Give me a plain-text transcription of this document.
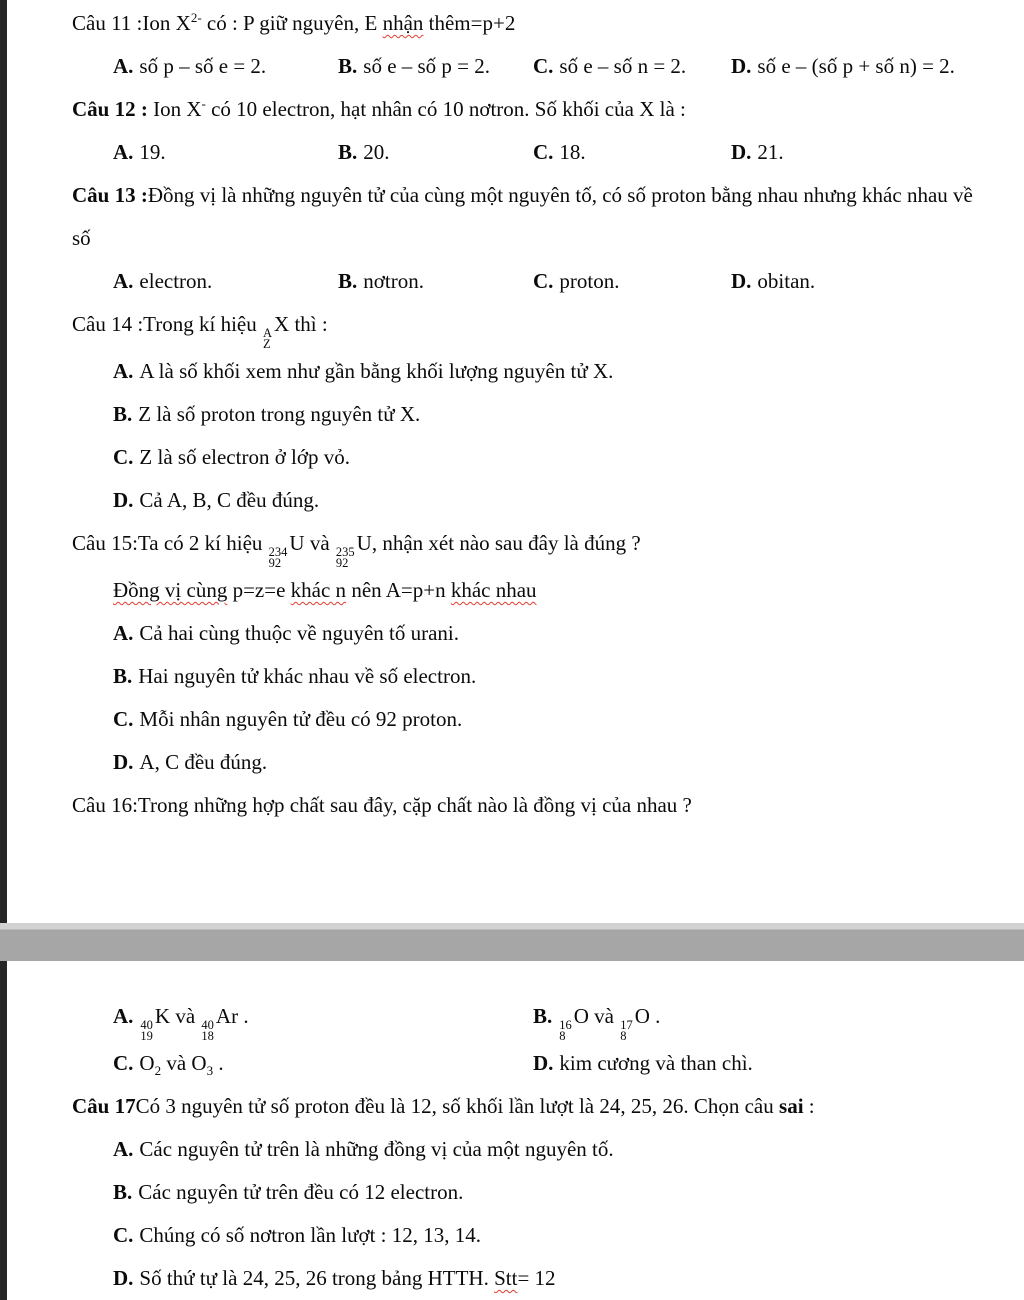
Câu 11 :Ion $X^{2-}$ có : P giữ nguyên, E nhận thêm=p+2

A. số p – số e = 2.	B. số e – số p = 2. C. số e – số n = 2. D. số e – (số p + số n) = 2.

Câu 12 : Ion X- có 10 electron, hạt nhân có 10 nơtron. Số khối của X là :

A. 19.	B. 20.	C. 18.	D. 21.

Câu 13 :Đồng vị là những nguyên tử của cùng một nguyên tố, có số proton bằng nhau nhưng khác nhau về số

A. electron.	B. nơtron.	C. proton.	D. obitan.

Câu 14 :Trong kí hiệu A
Z
X thì :

A. A là số khối xem như gần bằng khối lượng nguyên tử X.

B. Z là số proton trong nguyên tử X.

C. Z là số electron ở lớp vỏ.

D. Cả A, B, C đều đúng.

Câu 15:Ta có 2 kí hiệu 234
92
U và 235
92
U, nhận xét nào sau đây là đúng ?

Đồng vị cùng p=z=e khác n nên A=p+n khác nhau

A. Cả hai cùng thuộc về nguyên tố urani.

B. Hai nguyên tử khác nhau về số electron.

C. Mỗi nhân nguyên tử đều có 92 proton.

D. A, C đều đúng.

Câu 16:Trong những hợp chất sau đây, cặp chất nào là đồng vị của nhau ?

A. 40
19
K và 40
18
Ar .	B. 16
8
O và 17
8
O .

C. $O_2$ và $O_3$ .	D. kim cương và than chì.

Câu 17Có 3 nguyên tử số proton đều là 12, số khối lần lượt là 24, 25, 26. Chọn câu sai :

A. Các nguyên tử trên là những đồng vị của một nguyên tố.

B. Các nguyên tử trên đều có 12 electron.

C. Chúng có số nơtron lần lượt : 12, 13, 14.

D. Số thứ tự là 24, 25, 26 trong bảng HTTH. Stt= 12
